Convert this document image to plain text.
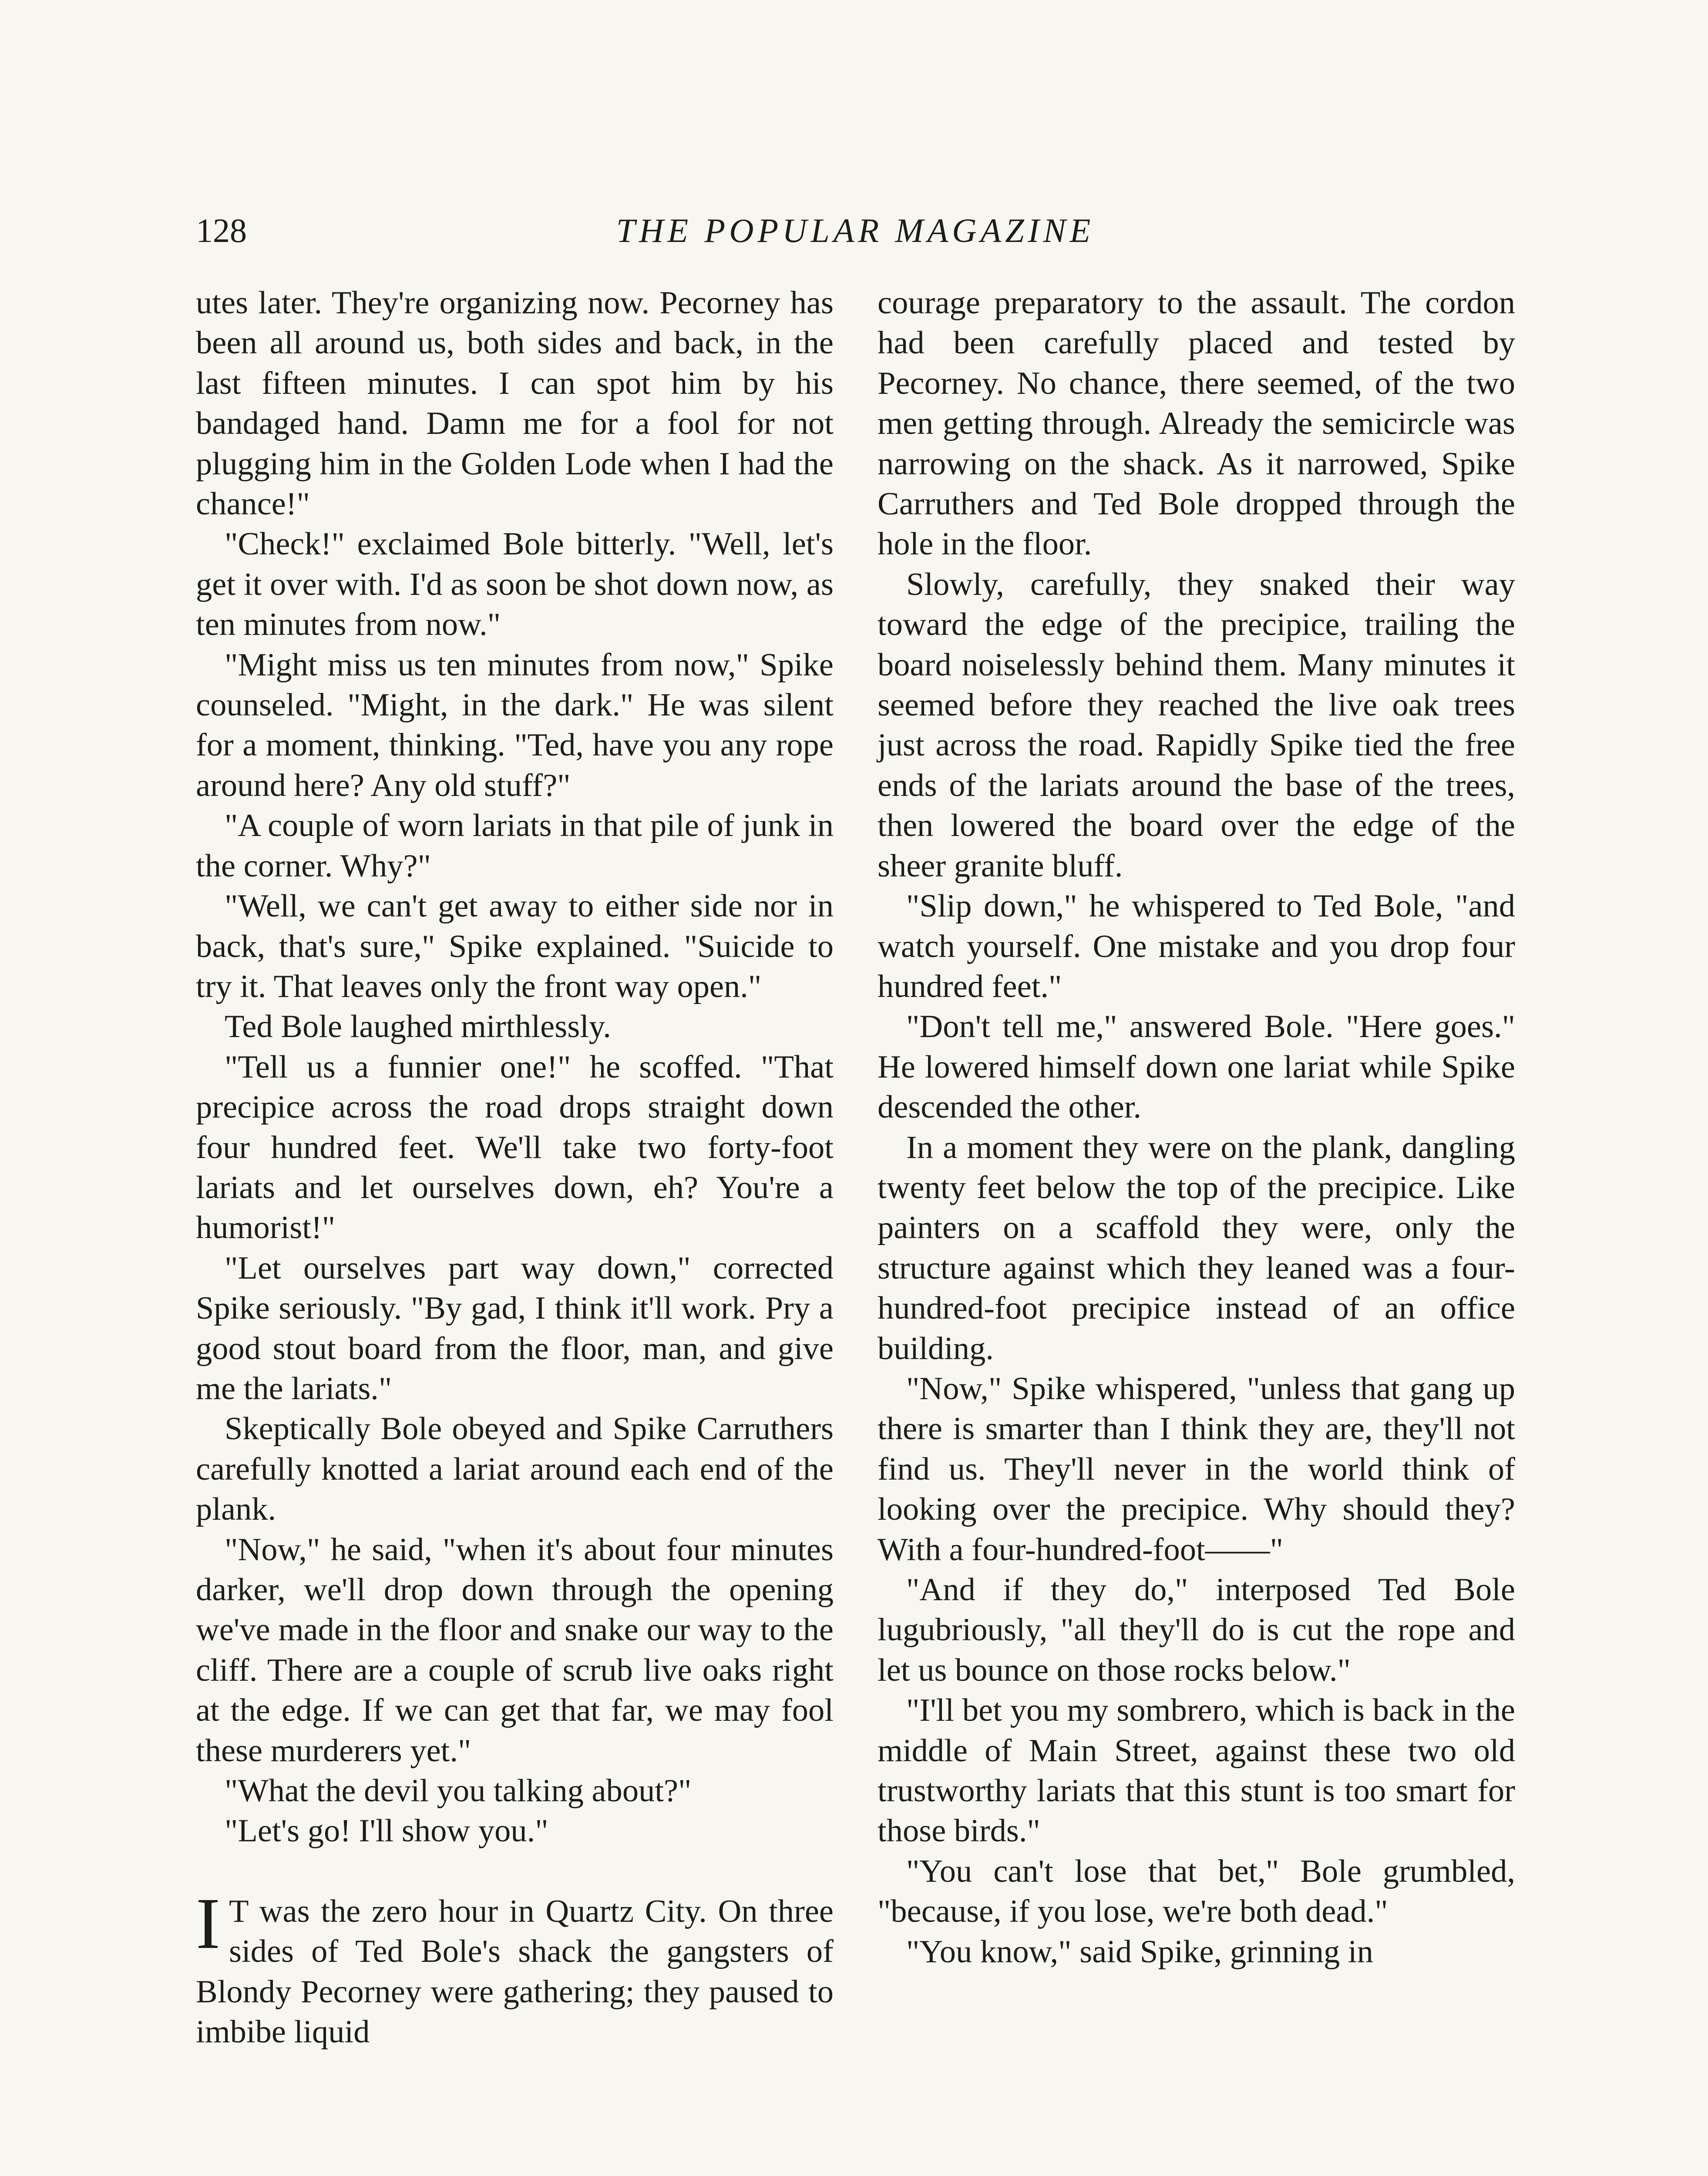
128	THE POPULAR MAGAZINE

utes later. They're organizing now. Pecorney has been all around us, both sides and back, in the last fifteen minutes. I can spot him by his bandaged hand. Damn me for a fool for not plugging him in the Golden Lode when I had the chance!"

"Check!" exclaimed Bole bitterly. "Well, let's get it over with. I'd as soon be shot down now, as ten minutes from now."

"Might miss us ten minutes from now," Spike counseled. "Might, in the dark." He was silent for a moment, thinking. "Ted, have you any rope around here? Any old stuff?"

"A couple of worn lariats in that pile of junk in the corner. Why?"

"Well, we can't get away to either side nor in back, that's sure," Spike explained. "Suicide to try it. That leaves only the front way open."

Ted Bole laughed mirthlessly.

"Tell us a funnier one!" he scoffed. "That precipice across the road drops straight down four hundred feet. We'll take two forty-foot lariats and let ourselves down, eh? You're a humorist!"

"Let ourselves part way down," corrected Spike seriously. "By gad, I think it'll work. Pry a good stout board from the floor, man, and give me the lariats."

Skeptically Bole obeyed and Spike Carruthers carefully knotted a lariat around each end of the plank.

"Now," he said, "when it's about four minutes darker, we'll drop down through the opening we've made in the floor and snake our way to the cliff. There are a couple of scrub live oaks right at the edge. If we can get that far, we may fool these murderers yet."

"What the devil you talking about?"

"Let's go! I'll show you."

IT was the zero hour in Quartz City. On three sides of Ted Bole's shack the gangsters of Blondy Pecorney were gathering; they paused to imbibe liquid

courage preparatory to the assault. The cordon had been carefully placed and tested by Pecorney. No chance, there seemed, of the two men getting through. Already the semicircle was narrowing on the shack. As it narrowed, Spike Carruthers and Ted Bole dropped through the hole in the floor.

Slowly, carefully, they snaked their way toward the edge of the precipice, trailing the board noiselessly behind them. Many minutes it seemed before they reached the live oak trees just across the road. Rapidly Spike tied the free ends of the lariats around the base of the trees, then lowered the board over the edge of the sheer granite bluff.

"Slip down," he whispered to Ted Bole, "and watch yourself. One mistake and you drop four hundred feet."

"Don't tell me," answered Bole. "Here goes." He lowered himself down one lariat while Spike descended the other.

In a moment they were on the plank, dangling twenty feet below the top of the precipice. Like painters on a scaffold they were, only the structure against which they leaned was a four-hundred-foot precipice instead of an office building.

"Now," Spike whispered, "unless that gang up there is smarter than I think they are, they'll not find us. They'll never in the world think of looking over the precipice. Why should they? With a four-hundred-foot——"

"And if they do," interposed Ted Bole lugubriously, "all they'll do is cut the rope and let us bounce on those rocks below."

"I'll bet you my sombrero, which is back in the middle of Main Street, against these two old trustworthy lariats that this stunt is too smart for those birds."

"You can't lose that bet," Bole grumbled, "because, if you lose, we're both dead."

"You know," said Spike, grinning in
